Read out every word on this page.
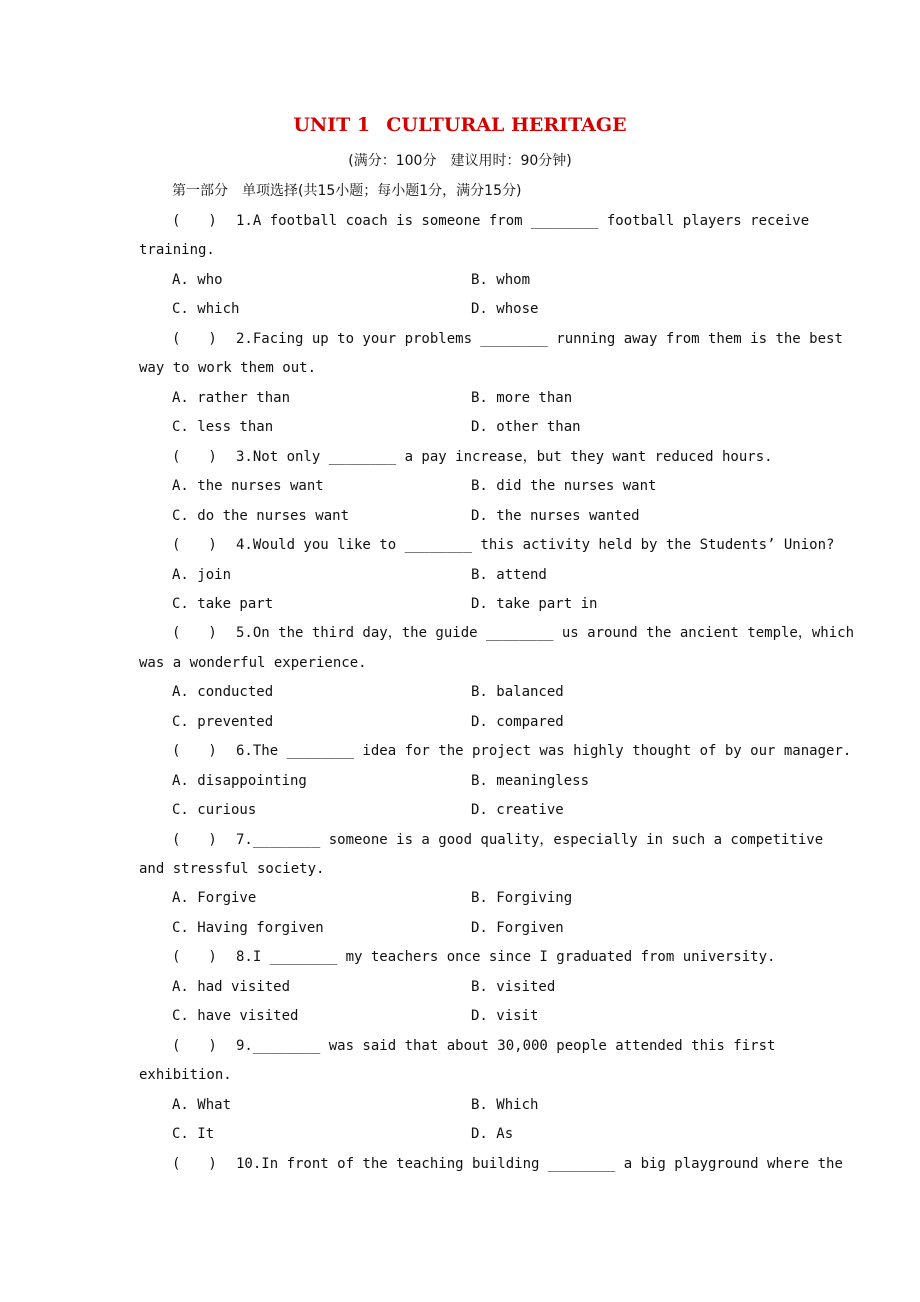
UNIT 1  CULTURAL HERITAGE
(满分：100分　建议用时：90分钟)
第一部分　单项选择(共15小题；每小题1分，满分15分)
(　　) 1.A football coach is someone from ________ football players receive
training.
A. who	B. whom
C. which	D. whose
(　　) 2.Facing up to your problems ________ running away from them is the best
way to work them out.
A. rather than	B. more than
C. less than	D. other than
(　　) 3.Not only ________ a pay increase，but they want reduced hours.
A. the nurses want	B. did the nurses want
C. do the nurses want	D. the nurses wanted
(　　) 4.Would you like to ________ this activity held by the Students’ Union?
A. join	B. attend
C. take part	D. take part in
(　　) 5.On the third day，the guide ________ us around the ancient temple，which
was a wonderful experience.
A. conducted	B. balanced
C. prevented	D. compared
(　　) 6.The ________ idea for the project was highly thought of by our manager.
A. disappointing	B. meaningless
C. curious	D. creative
(　　) 7.________ someone is a good quality，especially in such a competitive
and stressful society.
A. Forgive	B. Forgiving
C. Having forgiven	D. Forgiven
(　　) 8.I ________ my teachers once since I graduated from university.
A. had visited	B. visited
C. have visited	D. visit
(　　) 9.________ was said that about 30,000 people attended this first
exhibition.
A. What	B. Which
C. It	D. As
(　　) 10.In front of the teaching building ________ a big playground where the
